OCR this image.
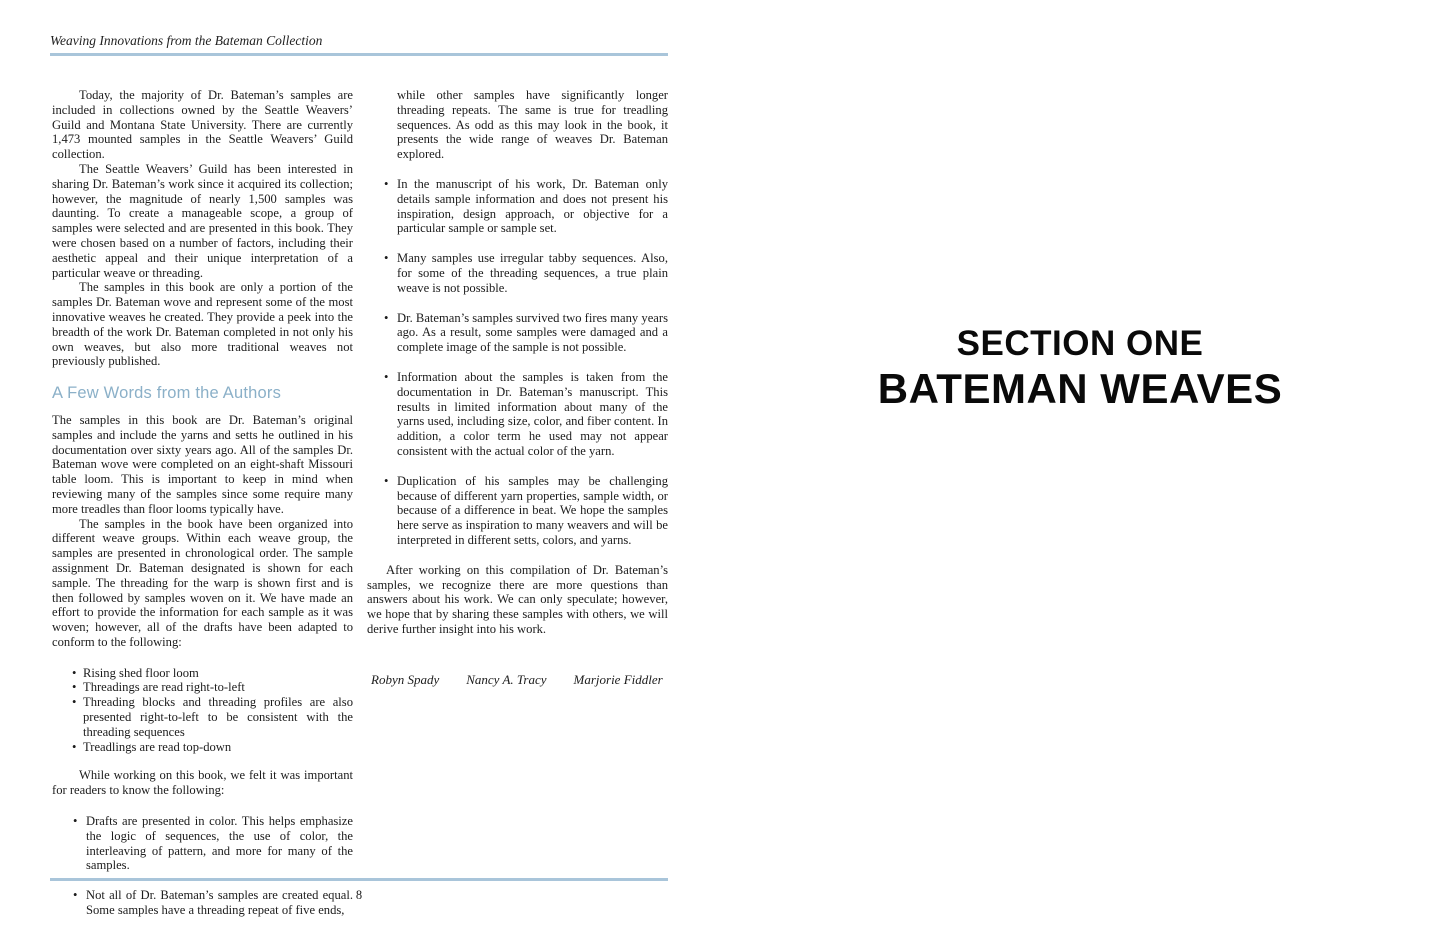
Weaving Innovations from the Bateman Collection

Today, the majority of Dr. Bateman’s samples are included in collections owned by the Seattle Weavers’ Guild and Montana State University. There are currently 1,473 mounted samples in the Seattle Weavers’ Guild collection.

The Seattle Weavers’ Guild has been interested in sharing Dr. Bateman’s work since it acquired its collection; however, the magnitude of nearly 1,500 samples was daunting. To create a manageable scope, a group of samples were selected and are presented in this book. They were chosen based on a number of factors, including their aesthetic appeal and their unique interpretation of a particular weave or threading.

The samples in this book are only a portion of the samples Dr. Bateman wove and represent some of the most innovative weaves he created. They provide a peek into the breadth of the work Dr. Bateman completed in not only his own weaves, but also more traditional weaves not previously published.

A Few Words from the Authors

The samples in this book are Dr. Bateman’s original samples and include the yarns and setts he outlined in his documentation over sixty years ago. All of the samples Dr. Bateman wove were completed on an eight-shaft Missouri table loom. This is important to keep in mind when reviewing many of the samples since some require many more treadles than floor looms typically have.

The samples in the book have been organized into different weave groups. Within each weave group, the samples are presented in chronological order. The sample assignment Dr. Bateman designated is shown for each sample. The threading for the warp is shown first and is then followed by samples woven on it. We have made an effort to provide the information for each sample as it was woven; however, all of the drafts have been adapted to conform to the following:

• Rising shed floor loom
• Threadings are read right-to-left
• Threading blocks and threading profiles are also presented right-to-left to be consistent with the threading sequences
• Treadlings are read top-down

While working on this book, we felt it was important for readers to know the following:

• Drafts are presented in color. This helps emphasize the logic of sequences, the use of color, the interleaving of pattern, and more for many of the samples.
• Not all of Dr. Bateman’s samples are created equal. Some samples have a threading repeat of five ends,
while other samples have significantly longer threading repeats. The same is true for treadling sequences. As odd as this may look in the book, it presents the wide range of weaves Dr. Bateman explored.
• In the manuscript of his work, Dr. Bateman only details sample information and does not present his inspiration, design approach, or objective for a particular sample or sample set.
• Many samples use irregular tabby sequences. Also, for some of the threading sequences, a true plain weave is not possible.
• Dr. Bateman’s samples survived two fires many years ago. As a result, some samples were damaged and a complete image of the sample is not possible.
• Information about the samples is taken from the documentation in Dr. Bateman’s manuscript. This results in limited information about many of the yarns used, including size, color, and fiber content. In addition, a color term he used may not appear consistent with the actual color of the yarn.
• Duplication of his samples may be challenging because of different yarn properties, sample width, or because of a difference in beat. We hope the samples here serve as inspiration to many weavers and will be interpreted in different setts, colors, and yarns.

After working on this compilation of Dr. Bateman’s samples, we recognize there are more questions than answers about his work. We can only speculate; however, we hope that by sharing these samples with others, we will derive further insight into his work.

Robyn Spady Nancy A. Tracy Marjorie Fiddler
8
SECTION ONE
BATEMAN WEAVES
